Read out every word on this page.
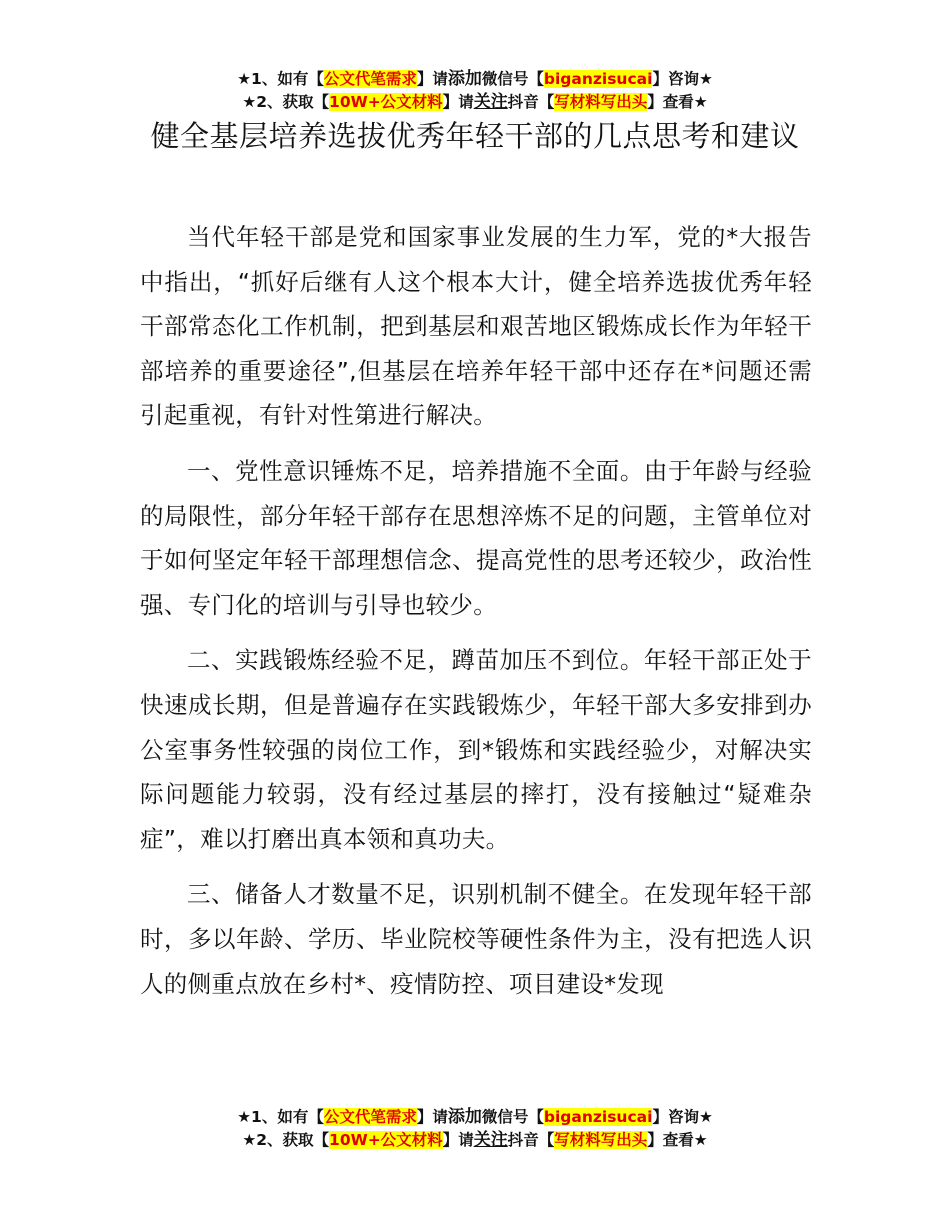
★1、如有【公文代笔需求】请添加微信号【biganzisucai】咨询★
★2、获取【10W+公文材料】请关注抖音【写材料写出头】查看★
健全基层培养选拔优秀年轻干部的几点思考和建议

当代年轻干部是党和国家事业发展的生力军，党的*大报告中指出，“抓好后继有人这个根本大计，健全培养选拔优秀年轻干部常态化工作机制，把到基层和艰苦地区锻炼成长作为年轻干部培养的重要途径”,但基层在培养年轻干部中还存在*问题还需引起重视，有针对性第进行解决。

一、党性意识锤炼不足，培养措施不全面。由于年龄与经验的局限性，部分年轻干部存在思想淬炼不足的问题，主管单位对于如何坚定年轻干部理想信念、提高党性的思考还较少，政治性强、专门化的培训与引导也较少。

二、实践锻炼经验不足，蹲苗加压不到位。年轻干部正处于快速成长期，但是普遍存在实践锻炼少，年轻干部大多安排到办公室事务性较强的岗位工作，到*锻炼和实践经验少，对解决实际问题能力较弱，没有经过基层的摔打，没有接触过“疑难杂症”，难以打磨出真本领和真功夫。

三、储备人才数量不足，识别机制不健全。在发现年轻干部时，多以年龄、学历、毕业院校等硬性条件为主，没有把选人识人的侧重点放在乡村*、疫情防控、项目建设*发现

★1、如有【公文代笔需求】请添加微信号【biganzisucai】咨询★
★2、获取【10W+公文材料】请关注抖音【写材料写出头】查看★
